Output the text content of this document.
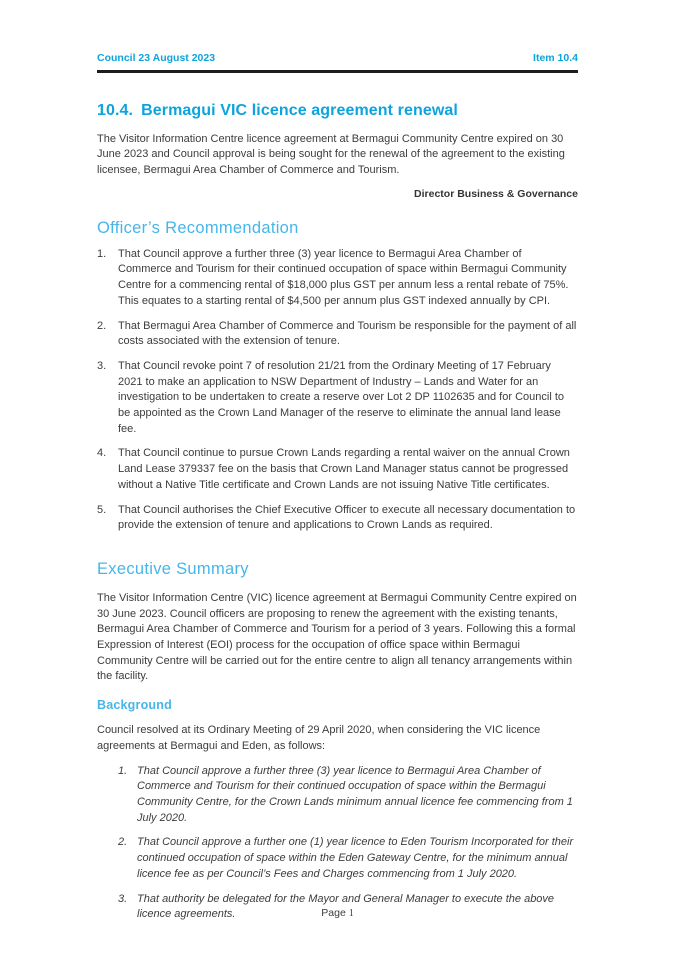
Council 23 August 2023	Item 10.4
10.4. Bermagui VIC licence agreement renewal
The Visitor Information Centre licence agreement at Bermagui Community Centre expired on 30 June 2023 and Council approval is being sought for the renewal of the agreement to the existing licensee, Bermagui Area Chamber of Commerce and Tourism.
Director Business & Governance
Officer’s Recommendation
1.	That Council approve a further three (3) year licence to Bermagui Area Chamber of Commerce and Tourism for their continued occupation of space within Bermagui Community Centre for a commencing rental of $18,000 plus GST per annum less a rental rebate of 75%. This equates to a starting rental of $4,500 per annum plus GST indexed annually by CPI.
2.	That Bermagui Area Chamber of Commerce and Tourism be responsible for the payment of all costs associated with the extension of tenure.
3.	That Council revoke point 7 of resolution 21/21 from the Ordinary Meeting of 17 February 2021 to make an application to NSW Department of Industry – Lands and Water for an investigation to be undertaken to create a reserve over Lot 2 DP 1102635 and for Council to be appointed as the Crown Land Manager of the reserve to eliminate the annual land lease fee.
4.	That Council continue to pursue Crown Lands regarding a rental waiver on the annual Crown Land Lease 379337 fee on the basis that Crown Land Manager status cannot be progressed without a Native Title certificate and Crown Lands are not issuing Native Title certificates.
5.	That Council authorises the Chief Executive Officer to execute all necessary documentation to provide the extension of tenure and applications to Crown Lands as required.
Executive Summary
The Visitor Information Centre (VIC) licence agreement at Bermagui Community Centre expired on 30 June 2023. Council officers are proposing to renew the agreement with the existing tenants, Bermagui Area Chamber of Commerce and Tourism for a period of 3 years. Following this a formal Expression of Interest (EOI) process for the occupation of office space within Bermagui Community Centre will be carried out for the entire centre to align all tenancy arrangements within the facility.
Background
Council resolved at its Ordinary Meeting of 29 April 2020, when considering the VIC licence agreements at Bermagui and Eden, as follows:
1. That Council approve a further three (3) year licence to Bermagui Area Chamber of Commerce and Tourism for their continued occupation of space within the Bermagui Community Centre, for the Crown Lands minimum annual licence fee commencing from 1 July 2020.
2. That Council approve a further one (1) year licence to Eden Tourism Incorporated for their continued occupation of space within the Eden Gateway Centre, for the minimum annual licence fee as per Council’s Fees and Charges commencing from 1 July 2020.
3. That authority be delegated for the Mayor and General Manager to execute the above licence agreements.	Page 1
